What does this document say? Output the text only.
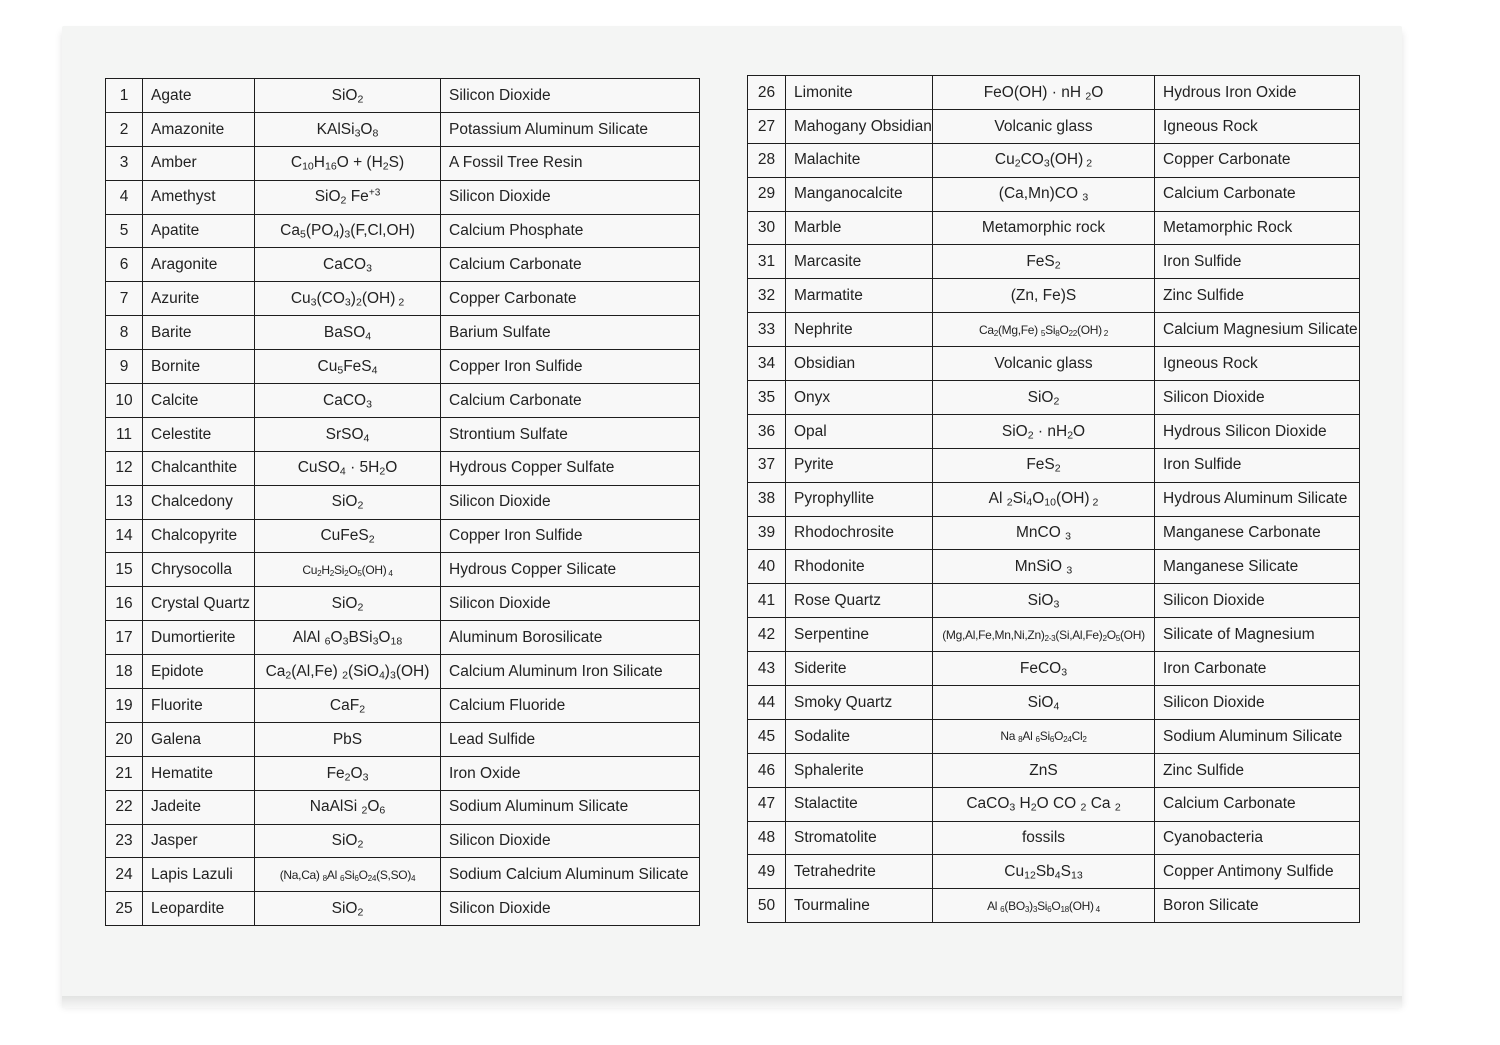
1	Agate	SiO$_2$	Silicon Dioxide
2	Amazonite	$KAlSi_3O_8$	Potassium Aluminum Silicate
3	Amber	$C_{10}H_{16}O + (H_2S)$	A Fossil Tree Resin
4	Amethyst	SiO$_2$ $Fe^{+3}$	Silicon Dioxide
5	Apatite	$Ca_5(PO_4)_3(F,Cl,OH)$	Calcium Phosphate
6	Aragonite	CaCO$_3$	Calcium Carbonate
7	Azurite	$Cu_3(CO_3)_2(OH)$ $_2$	Copper Carbonate
8	Barite	BaSO$_4$	Barium Sulfate
9	Bornite	$Cu_5FeS_4$	Copper Iron Sulfide
10	Calcite	CaCO$_3$	Calcium Carbonate
11	Celestite	SrSO$_4$	Strontium Sulfate
12	Chalcanthite	CuSO$_4$ · $5H_2O$	Hydrous Copper Sulfate
13	Chalcedony	SiO$_2$	Silicon Dioxide
14	Chalcopyrite	CuFeS$_2$	Copper Iron Sulfide
15	Chrysocolla	$Cu_2H_2Si_2O_5(OH)$ $_4$	Hydrous Copper Silicate
16	Crystal Quartz	SiO$_2$	Silicon Dioxide
17	Dumortierite	AlAl $_6O_3BSi_3O_{18}$	Aluminum Borosilicate
18	Epidote	$Ca_2(Al,Fe)$ $_2(SiO_4)_3(OH)$	Calcium Aluminum Iron Silicate
19	Fluorite	CaF$_2$	Calcium Fluoride
20	Galena	PbS	Lead Sulfide
21	Hematite	$Fe_2O_3$	Iron Oxide
22	Jadeite	NaAlSi $_2O_6$	Sodium Aluminum Silicate
23	Jasper	SiO$_2$	Silicon Dioxide
24	Lapis Lazuli	(Na,Ca) $_8$Al $_6Si_6O_{24}(S,SO)_4$	Sodium Calcium Aluminum Silicate
25	Leopardite	SiO$_2$	Silicon Dioxide
26	Limonite	FeO(OH) · nH $_2$O	Hydrous Iron Oxide
27	Mahogany Obsidian	Volcanic glass	Igneous Rock
28	Malachite	$Cu_2CO_3(OH)$ $_2$	Copper Carbonate
29	Manganocalcite	(Ca,Mn)CO $_3$	Calcium Carbonate
30	Marble	Metamorphic rock	Metamorphic Rock
31	Marcasite	FeS$_2$	Iron Sulfide
32	Marmatite	(Zn, Fe)S	Zinc Sulfide
33	Nephrite	$Ca_2(Mg,Fe)$ $_5Si_8O_{22}(OH)$ $_2$	Calcium Magnesium Silicate
34	Obsidian	Volcanic glass	Igneous Rock
35	Onyx	SiO$_2$	Silicon Dioxide
36	Opal	$SiO_2 \cdot nH_2O$	Hydrous Silicon Dioxide
37	Pyrite	FeS$_2$	Iron Sulfide
38	Pyrophyllite	Al $_2Si_4O_{10}(OH)$ $_2$	Hydrous Aluminum Silicate
39	Rhodochrosite	MnCO $_3$	Manganese Carbonate
40	Rhodonite	MnSiO $_3$	Manganese Silicate
41	Rose Quartz	SiO$_3$	Silicon Dioxide
42	Serpentine	$(Mg,Al,Fe,Mn,Ni,Zn)_{2-3}(Si,Al,Fe)_2O_5(OH)$	Silicate of Magnesium
43	Siderite	FeCO$_3$	Iron Carbonate
44	Smoky Quartz	SiO$_4$	Silicon Dioxide
45	Sodalite	Na $_8$Al $_6Si_6O_{24}Cl_2$	Sodium Aluminum Silicate
46	Sphalerite	ZnS	Zinc Sulfide
47	Stalactite	CaCO$_3$ $H_2O$ CO $_2$ Ca $_2$	Calcium Carbonate
48	Stromatolite	fossils	Cyanobacteria
49	Tetrahedrite	$Cu_{12}Sb_4S_{13}$	Copper Antimony Sulfide
50	Tourmaline	Al $_6(BO_3)_3Si_6O_{18}(OH)$ $_4$	Boron Silicate
